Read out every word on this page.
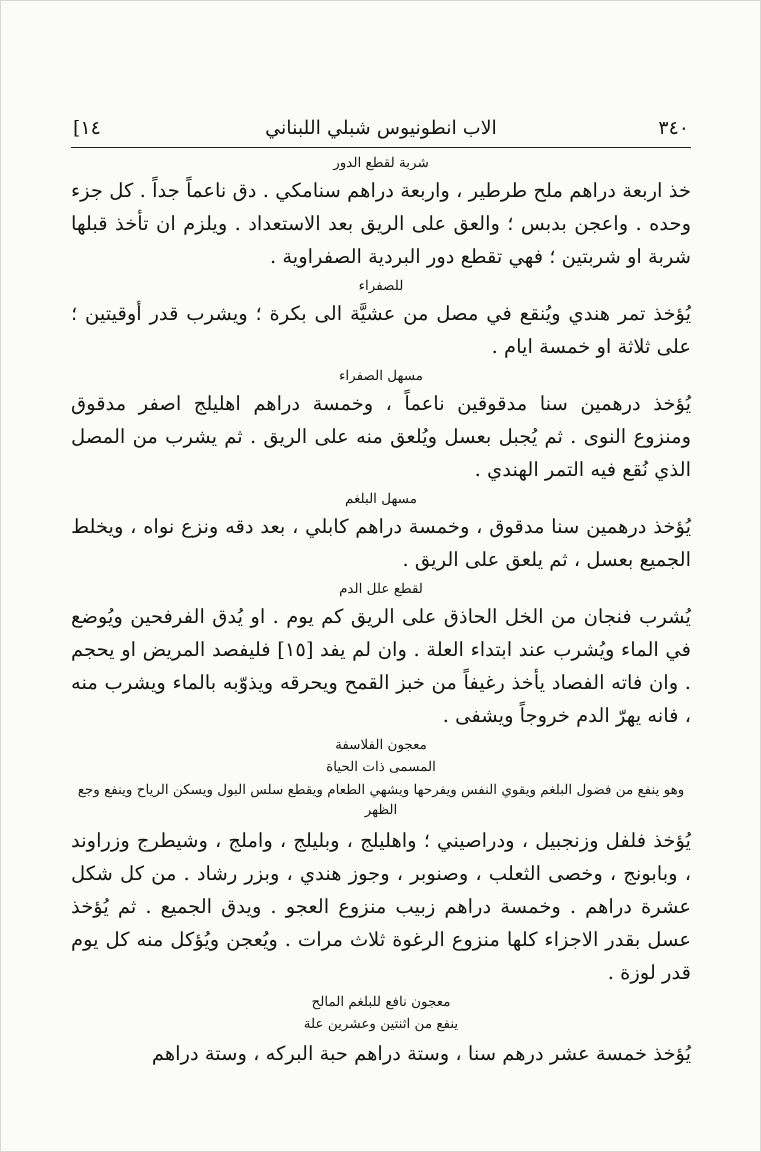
٣٤٠
الاب انطونيوس شبلي اللبناني
[١٤

شربة لقطع الدور

خذ اربعة دراهم ملح طرطير ، واربعة دراهم سنامكي . دق ناعماً جداً . كل جزء وحده . واعجن بدبس ؛ والعق على الريق بعد الاستعداد . ويلزم ان تأخذ قبلها شربة او شربتين ؛ فهي تقطع دور البردية الصفراوية .

للصفراء

يُؤخذ تمر هندي ويُنقع في مصل من عشيَّة الى بكرة ؛ ويشرب قدر أوقيتين ؛ على ثلاثة او خمسة ايام .

مسهل الصفراء

يُؤخذ درهمين سنا مدقوقين ناعماً ، وخمسة دراهم اهليلج اصفر مدقوق ومنزوع النوى . ثم يُجبل بعسل ويُلعق منه على الريق . ثم يشرب من المصل الذي نُقع فيه التمر الهندي .

مسهل البلغم

يُؤخذ درهمين سنا مدقوق ، وخمسة دراهم كابلي ، بعد دقه ونزع نواه ، ويخلط الجميع بعسل ، ثم يلعق على الريق .

لقطع علل الدم

يُشرب فنجان من الخل الحاذق على الريق كم يوم . او يُدق الفرفحين ويُوضع في الماء ويُشرب عند ابتداء العلة . وان لم يفد [١٥] فليفصد المريض او يحجم . وان فاته الفصاد يأخذ رغيفاً من خبز القمح ويحرقه ويذوّبه بالماء ويشرب منه ، فانه يهرّ الدم خروجاً ويشفى .

معجون الفلاسفة

المسمى ذات الحياة

وهو ينفع من فضول البلغم ويقوي النفس ويفرحها ويشهي الطعام ويقطع سلس البول ويسكن الرياح وينفع وجع الظهر

يُؤخذ فلفل وزنجبيل ، ودراصيني ؛ واهليلج ، وبليلج ، واملج ، وشيطرج وزراوند ، وبابونج ، وخصى الثعلب ، وصنوبر ، وجوز هندي ، وبزر رشاد . من كل شكل عشرة دراهم . وخمسة دراهم زبيب منزوع العجو . ويدق الجميع . ثم يُؤخذ عسل بقدر الاجزاء كلها منزوع الرغوة ثلاث مرات . ويُعجن ويُؤكل منه كل يوم قدر لوزة .

معجون نافع للبلغم المالح

ينفع من اثنتين وعشرين علة

يُؤخذ خمسة عشر درهم سنا ، وستة دراهم حبة البركه ، وستة دراهم
